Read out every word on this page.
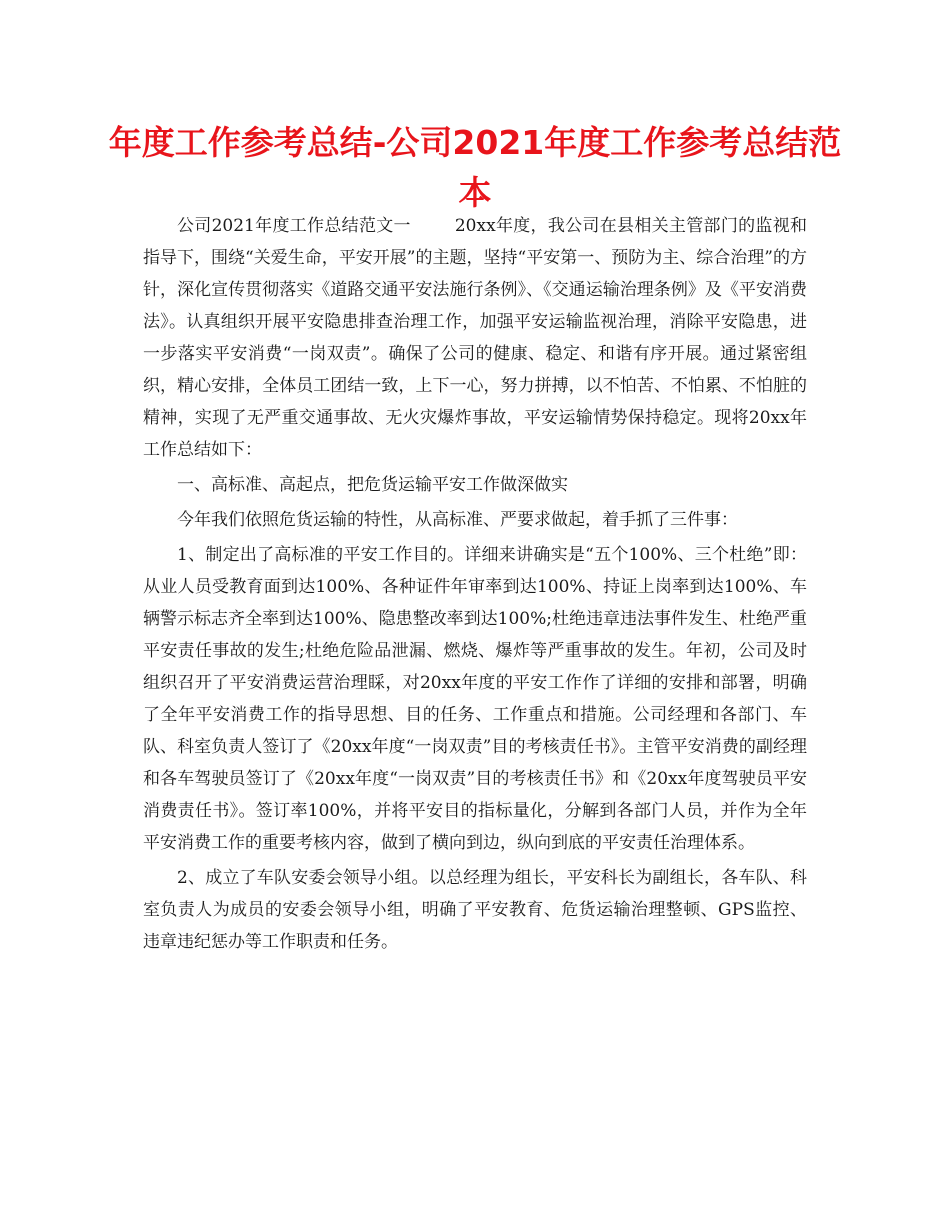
年度工作参考总结-公司2021年度工作参考总结范本

公司2021年度工作总结范文一	20xx年度，我公司在县相关主管部门的监视和指导下，围绕“关爱生命，平安开展”的主题，坚持“平安第一、预防为主、综合治理”的方针，深化宣传贯彻落实《道路交通平安法施行条例》、《交通运输治理条例》及《平安消费法》。认真组织开展平安隐患排查治理工作，加强平安运输监视治理，消除平安隐患，进一步落实平安消费“一岗双责”。确保了公司的健康、稳定、和谐有序开展。通过紧密组织，精心安排，全体员工团结一致，上下一心，努力拼搏，以不怕苦、不怕累、不怕脏的精神，实现了无严重交通事故、无火灾爆炸事故，平安运输情势保持稳定。现将20xx年工作总结如下：

一、高标准、高起点，把危货运输平安工作做深做实

今年我们依照危货运输的特性，从高标准、严要求做起，着手抓了三件事：

1、制定出了高标准的平安工作目的。详细来讲确实是“五个100%、三个杜绝”即：从业人员受教育面到达100%、各种证件年审率到达100%、持证上岗率到达100%、车辆警示标志齐全率到达100%、隐患整改率到达100%;杜绝违章违法事件发生、杜绝严重平安责任事故的发生;杜绝危险品泄漏、燃烧、爆炸等严重事故的发生。年初，公司及时组织召开了平安消费运营治理睬，对20xx年度的平安工作作了详细的安排和部署，明确了全年平安消费工作的指导思想、目的任务、工作重点和措施。公司经理和各部门、车队、科室负责人签订了《20xx年度“一岗双责”目的考核责任书》。主管平安消费的副经理和各车驾驶员签订了《20xx年度“一岗双责”目的考核责任书》和《20xx年度驾驶员平安消费责任书》。签订率100%，并将平安目的指标量化，分解到各部门人员，并作为全年平安消费工作的重要考核内容，做到了横向到边，纵向到底的平安责任治理体系。

2、成立了车队安委会领导小组。以总经理为组长，平安科长为副组长，各车队、科室负责人为成员的安委会领导小组，明确了平安教育、危货运输治理整顿、GPS监控、违章违纪惩办等工作职责和任务。
